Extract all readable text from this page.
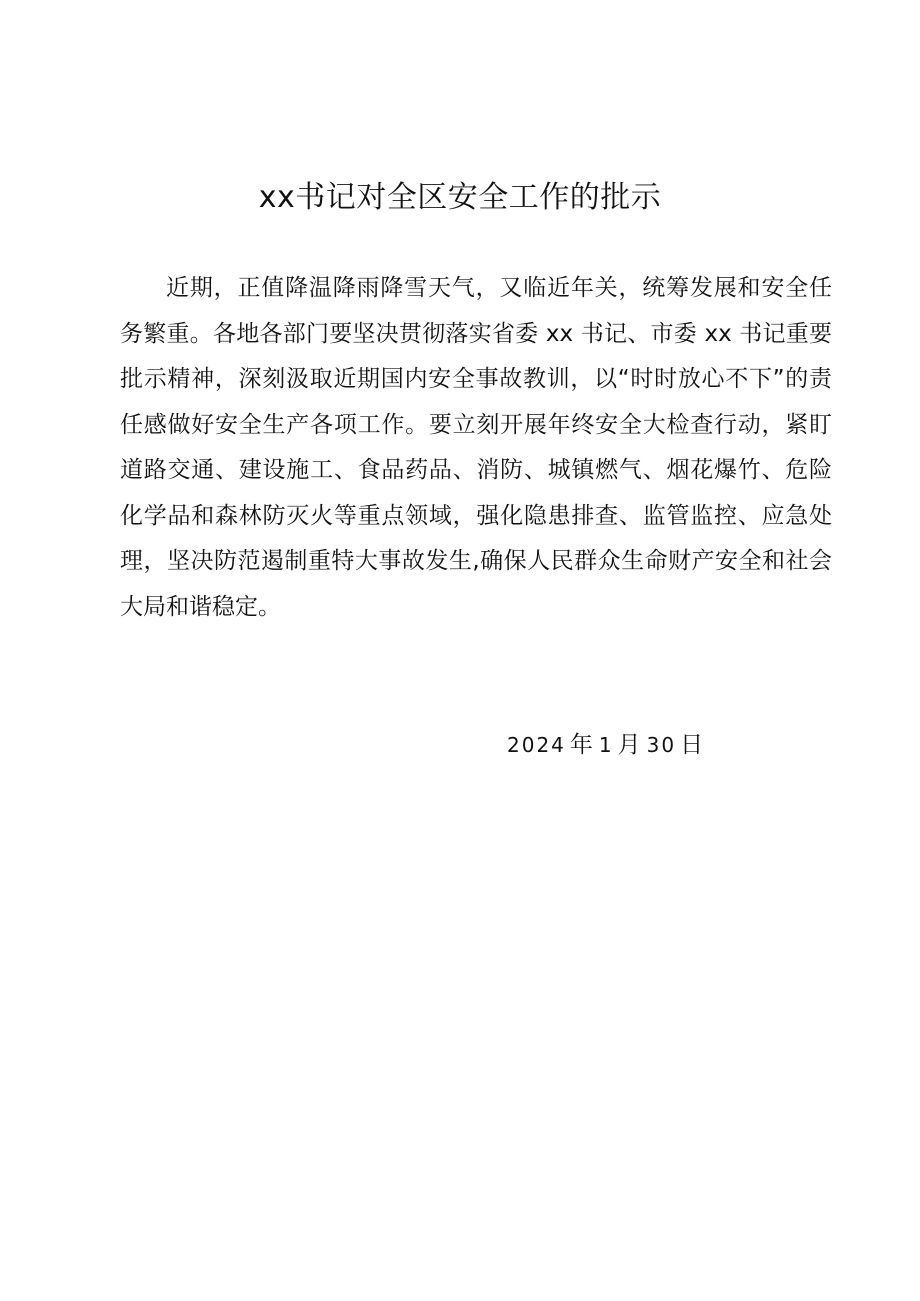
xx书记对全区安全工作的批示

近期，正值降温降雨降雪天气，又临近年关，统筹发展和安全任务繁重。各地各部门要坚决贯彻落实省委 xx 书记、市委 xx 书记重要批示精神，深刻汲取近期国内安全事故教训，以“时时放心不下”的责任感做好安全生产各项工作。要立刻开展年终安全大检查行动，紧盯道路交通、建设施工、食品药品、消防、城镇燃气、烟花爆竹、危险化学品和森林防灭火等重点领域，强化隐患排查、监管监控、应急处理，坚决防范遏制重特大事故发生,确保人民群众生命财产安全和社会大局和谐稳定。

2024 年 1 月 30 日
